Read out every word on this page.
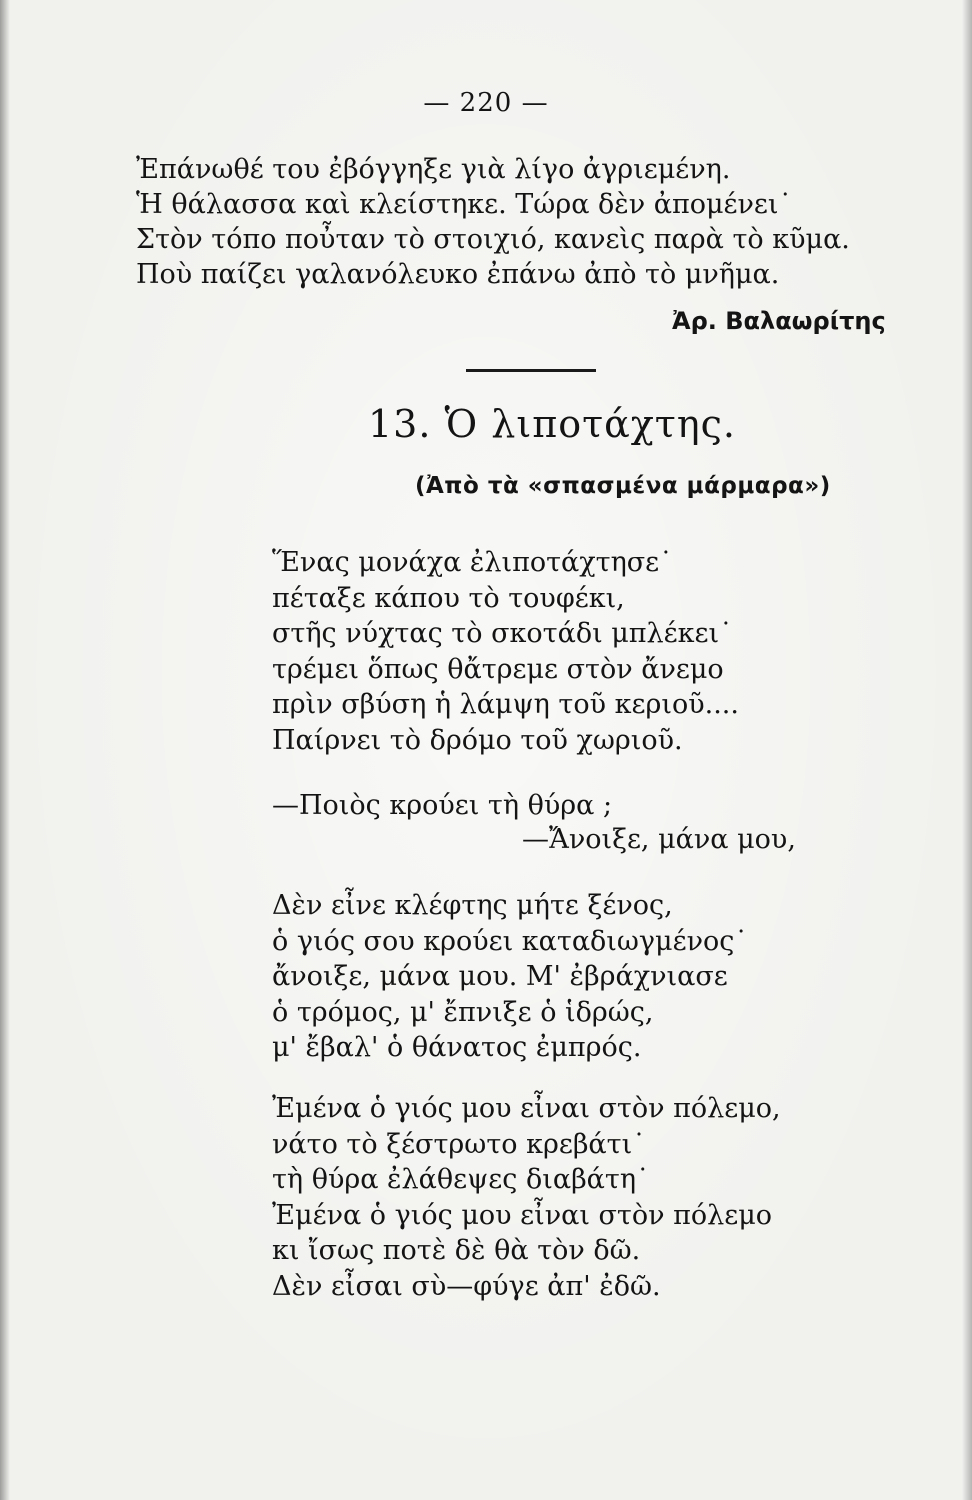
— 220 —
Ἐπάνωθέ του ἐβόγγηξε γιὰ λίγο ἀγριεμένη.
Ἡ θάλασσα καὶ κλείστηκε. Τώρα δὲν ἀπομένει˙
Στὸν τόπο ποὖταν τὸ στοιχιό, κανεὶς παρὰ τὸ κῦμα.
Ποὺ παίζει γαλανόλευκο ἐπάνω ἀπὸ τὸ μνῆμα.
Ἀρ. Βαλαωρίτης
13. Ὁ λιποτάχτης.
(Ἀπὸ τὰ «σπασμένα μάρμαρα»)
Ἕνας μονάχα ἐλιποτάχτησε˙
πέταξε κάπου τὸ τουφέκι,
στῆς νύχτας τὸ σκοτάδι μπλέκει˙
τρέμει ὅπως θἄτρεμε στὸν ἄνεμο
πρὶν σβύση ἡ λάμψη τοῦ κεριοῦ....
Παίρνει τὸ δρόμο τοῦ χωριοῦ.
—Ποιὸς κρούει τὴ θύρα ;
—Ἄνοιξε, μάνα μου,
Δὲν εἶνε κλέφτης μήτε ξένος,
ὁ γιός σου κρούει καταδιωγμένος˙
ἄνοιξε, μάνα μου. Μ' ἐβράχνιασε
ὁ τρόμος, μ' ἔπνιξε ὁ ἱδρώς,
μ' ἔβαλ' ὁ θάνατος ἐμπρός.
Ἐμένα ὁ γιός μου εἶναι στὸν πόλεμο,
νάτο τὸ ξέστρωτο κρεβάτι˙
τὴ θύρα ἐλάθεψες διαβάτη˙
Ἐμένα ὁ γιός μου εἶναι στὸν πόλεμο
κι ἴσως ποτὲ δὲ θὰ τὸν δῶ.
Δὲν εἶσαι σὺ—φύγε ἀπ' ἐδῶ.
